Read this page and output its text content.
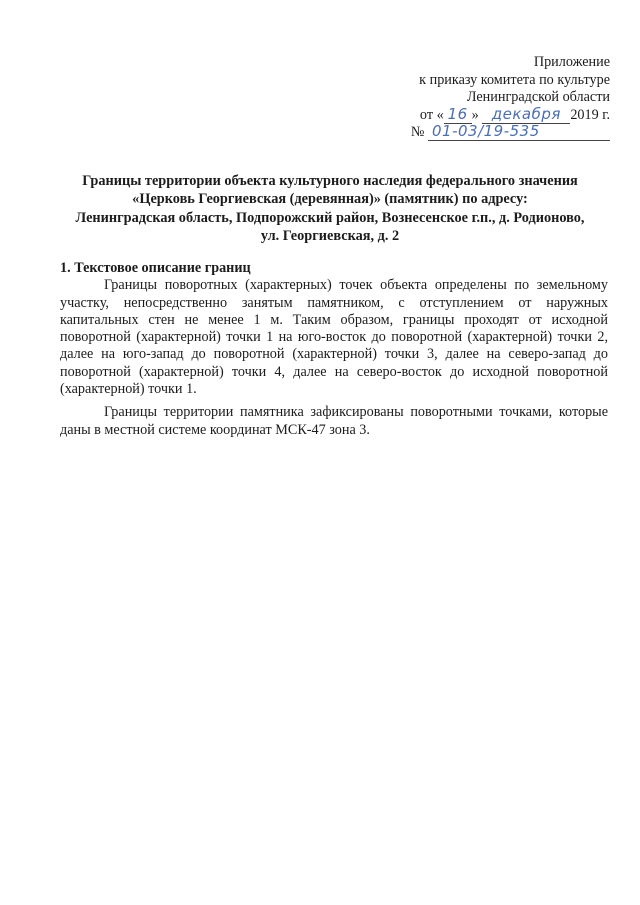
Приложение
к приказу комитета по культуре
Ленинградской области
от « 16 » декабря 2019 г.
№ 01-03/19-535
Границы территории объекта культурного наследия федерального значения
«Церковь Георгиевская (деревянная)» (памятник) по адресу:
Ленинградская область, Подпорожский район, Вознесенское г.п., д. Родионово,
ул. Георгиевская, д. 2

1. Текстовое описание границ

Границы поворотных (характерных) точек объекта определены по земельному участку, непосредственно занятым памятником, с отступлением от наружных капитальных стен не менее 1 м. Таким образом, границы проходят от исходной поворотной (характерной) точки 1 на юго-восток до поворотной (характерной) точки 2, далее на юго-запад до поворотной (характерной) точки 3, далее на северо-запад до поворотной (характерной) точки 4, далее на северо-восток до исходной поворотной (характерной) точки 1.

Границы территории памятника зафиксированы поворотными точками, которые даны в местной системе координат МСК-47 зона 3.
